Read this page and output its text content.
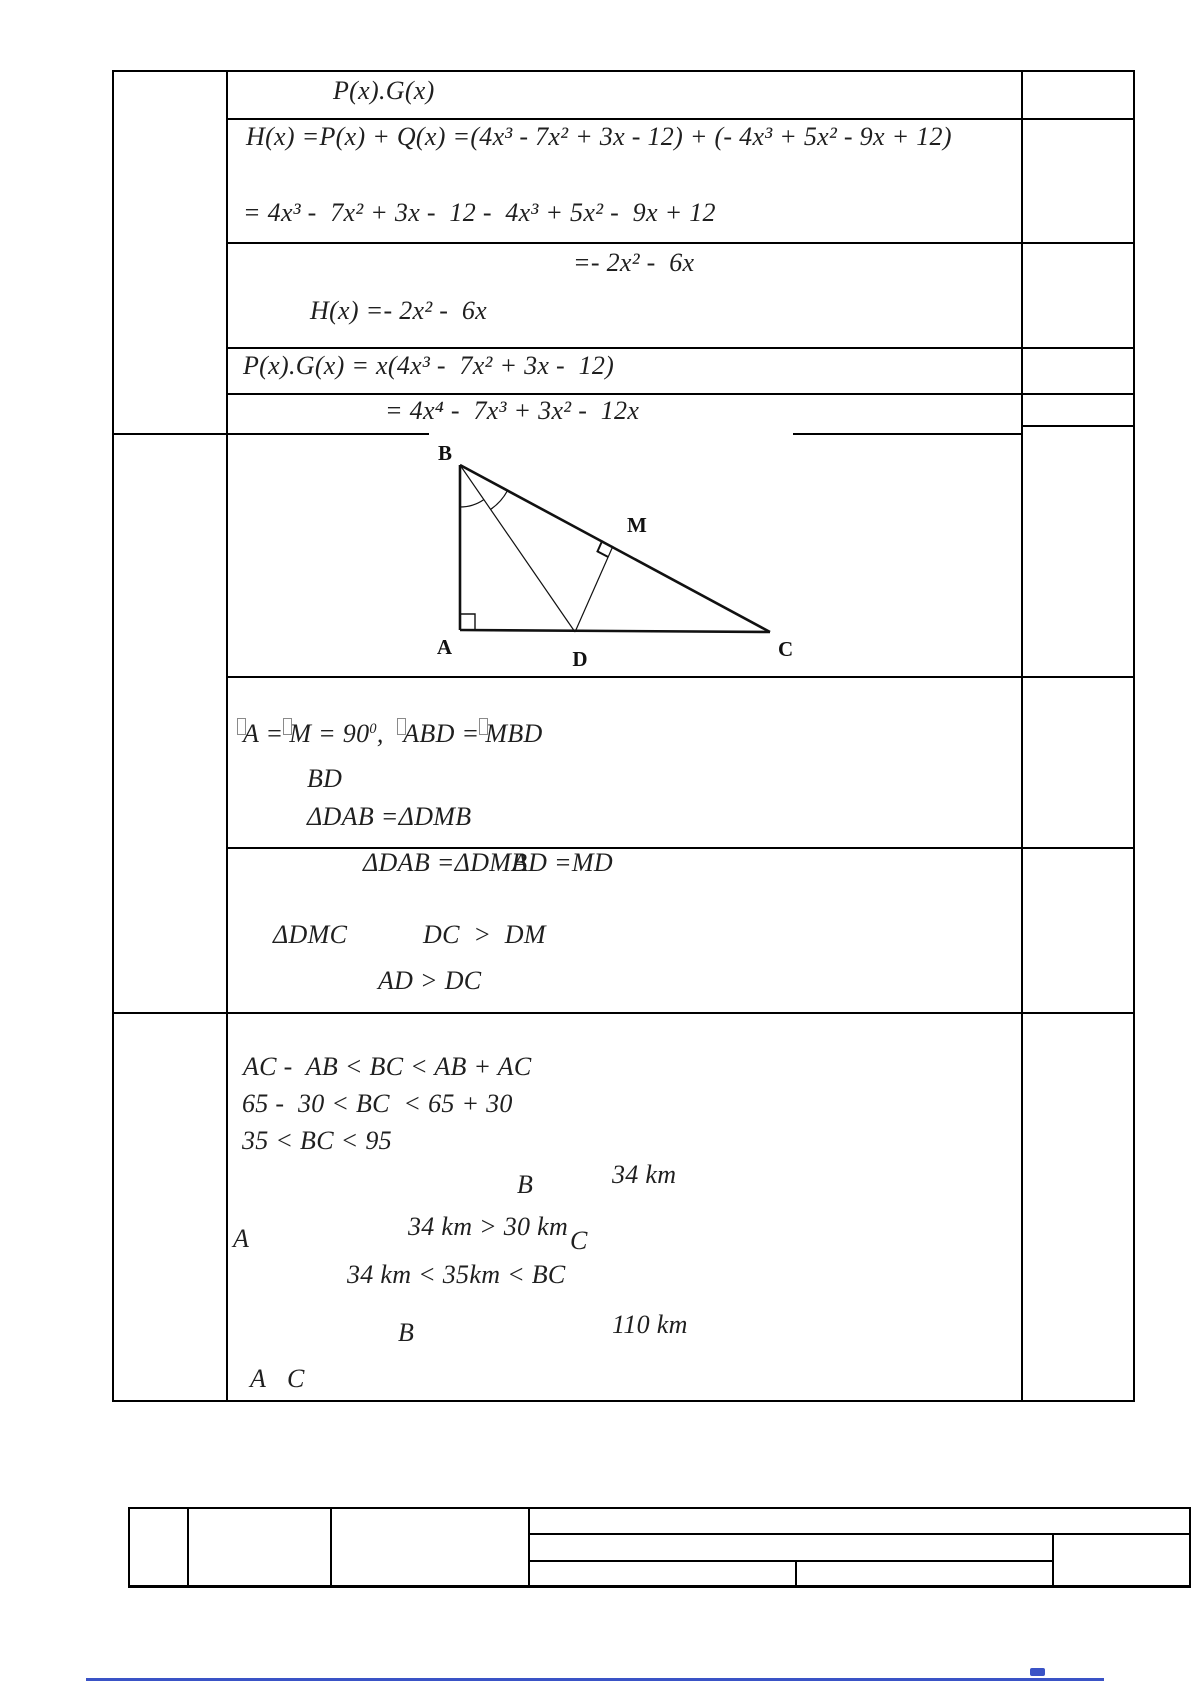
P(x).G(x)
H(x) =P(x) + Q(x) =(4x³ - 7x² + 3x - 12) + (- 4x³ + 5x² - 9x + 12)
= 4x³ -  7x² + 3x -  12 -  4x³ + 5x² -  9x + 12
=- 2x² -  6x
H(x) =- 2x² -  6x
P(x).G(x) = x(4x³ -  7x² + 3x -  12)
= 4x⁴ -  7x³ + 3x² -  12x
B
A	C
D
M
$A = M = 90^0$,  ABD = MBD
BD
ΔDAB =ΔDMB
ΔDAB =ΔDMB
AD =MD
ΔDMC	DC  >  DM
AD > DC
AC -  AB < BC < AB + AC
65 -  30 < BC  < 65 + 30
35 < BC < 95
B	34 km
A	34 km > 30 km C
34 km < 35km < BC
B	110 km
A C
